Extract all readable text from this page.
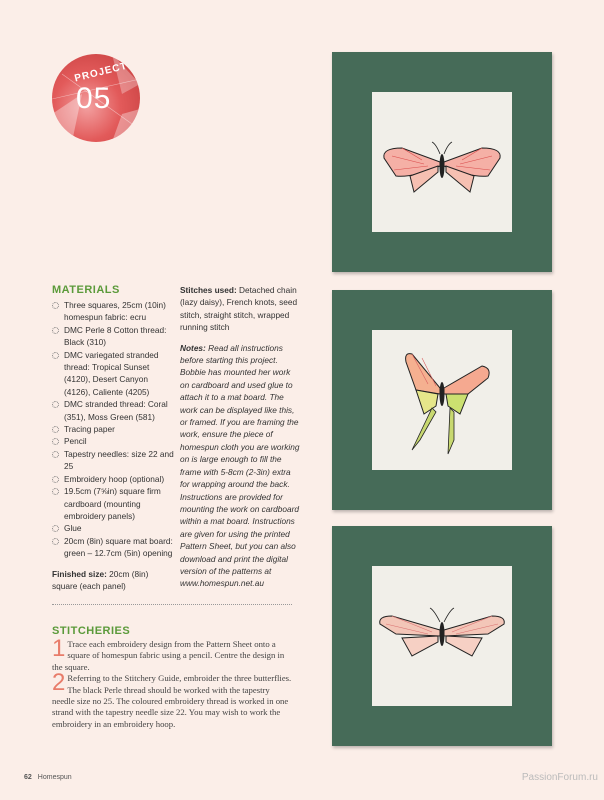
PROJECT
05
MATERIALS
Three squares, 25cm (10in) homespun fabric: ecru
DMC Perle 8 Cotton thread: Black (310)
DMC variegated stranded thread: Tropical Sunset (4120), Desert Canyon (4126), Caliente (4205)
DMC stranded thread: Coral (351), Moss Green (581)
Tracing paper
Pencil
Tapestry needles: size 22 and 25
Embroidery hoop (optional)
19.5cm (7⅝in) square firm cardboard (mounting embroidery panels)
Glue
20cm (8in) square mat board: green – 12.7cm (5in) opening

Finished size: 20cm (8in) square (each panel)

Stitches used: Detached chain (lazy daisy), French knots, seed stitch, straight stitch, wrapped running stitch

Notes: Read all instructions before starting this project. Bobbie has mounted her work on cardboard and used glue to attach it to a mat board. The work can be displayed like this, or framed. If you are framing the work, ensure the piece of homespun cloth you are working on is large enough to fill the frame with 5-8cm (2-3in) extra for wrapping around the back. Instructions are provided for mounting the work on cardboard within a mat board. Instructions are given for using the printed Pattern Sheet, but you can also download and print the digital version of the patterns at www.homespun.net.au

STITCHERIES

1 Trace each embroidery design from the Pattern Sheet onto a square of homespun fabric using a pencil. Centre the design in the square.

2 Referring to the Stitchery Guide, embroider the three butterflies. The black Perle thread should be worked with the tapestry needle size no 25. The coloured embroidery thread is worked in one strand with the tapestry needle size 22. You may wish to work the embroidery in an embroidery hoop.

62 Homespun	PassionForum.ru
